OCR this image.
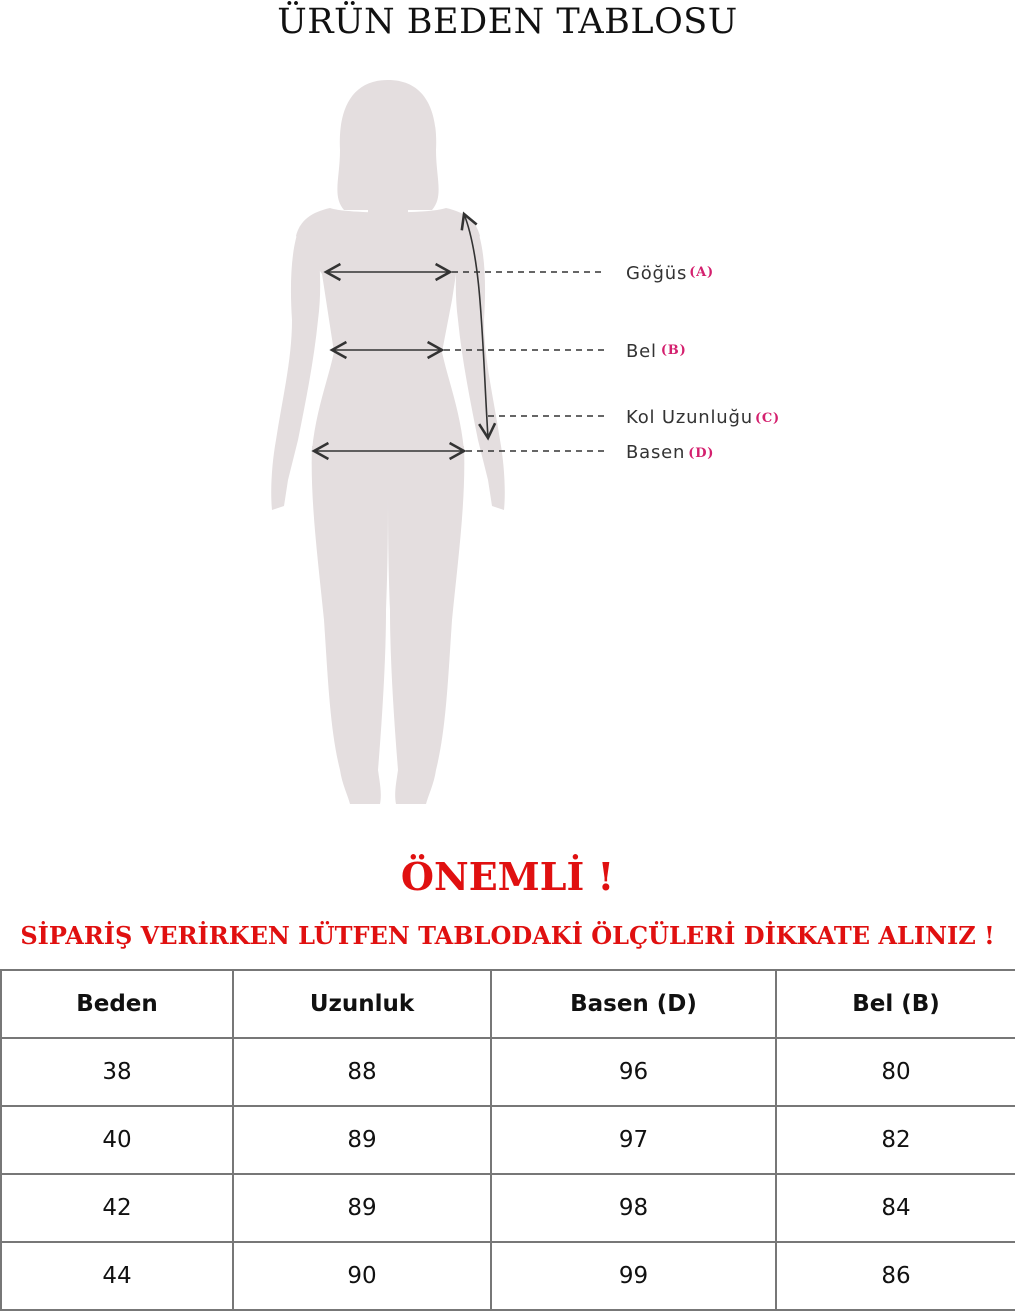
ÜRÜN BEDEN TABLOSU
Göğüs (A)
Bel (B)
Kol Uzunluğu (C)
Basen (D)
ÖNEMLİ !
SİPARİŞ VERİRKEN LÜTFEN TABLODAKİ ÖLÇÜLERİ DİKKATE ALINIZ !
Beden	Uzunluk	Basen (D)	Bel (B)
38	88	96	80
40	89	97	82
42	89	98	84
44	90	99	86
